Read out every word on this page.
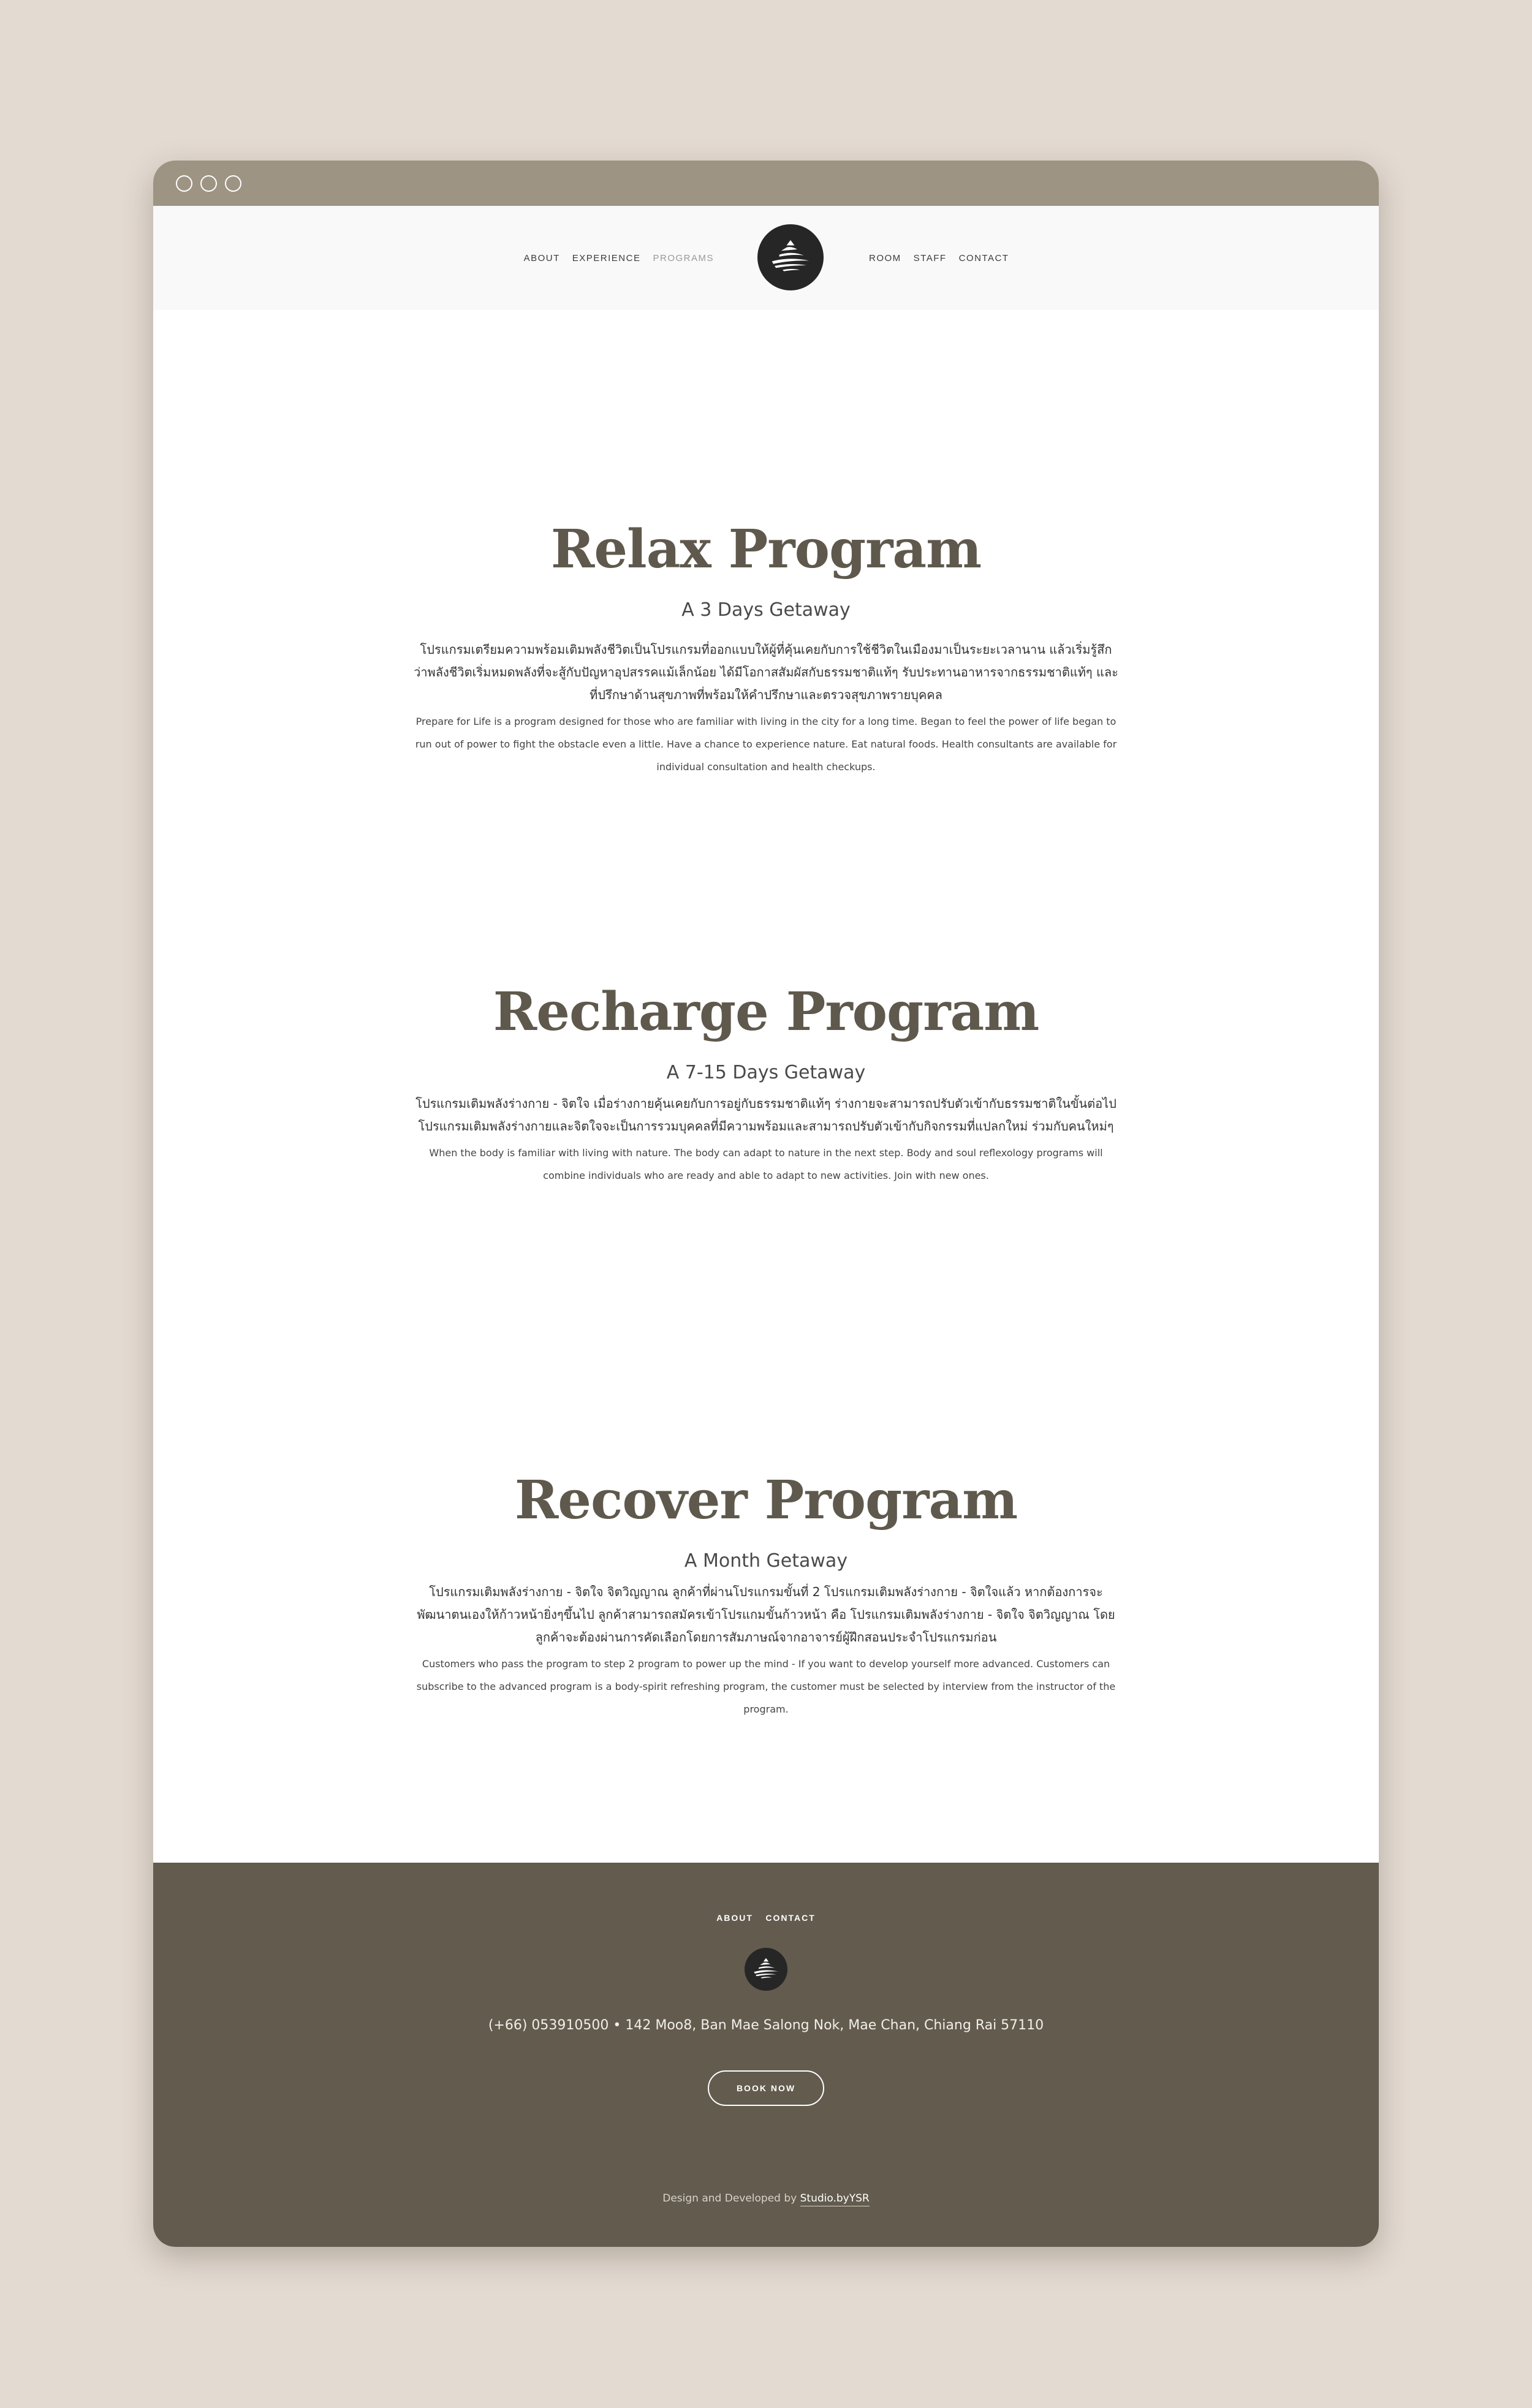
ABOUT EXPERIENCE PROGRAMS	ROOM STAFF CONTACT
Relax Program
A 3 Days Getaway

โปรแกรมเตรียมความพร้อมเติมพลังชีวิตเป็นโปรแกรมที่ออกแบบให้ผู้ที่คุ้นเคยกับการใช้ชีวิตในเมืองมาเป็นระยะเวลานาน แล้วเริ่มรู้สึกว่าพลังชีวิตเริ่มหมดพลังที่จะสู้กับปัญหาอุปสรรคแม้เล็กน้อย ได้มีโอกาสสัมผัสกับธรรมชาติแท้ๆ รับประทานอาหารจากธรรมชาติแท้ๆ และที่ปรึกษาด้านสุขภาพที่พร้อมให้คำปรึกษาและตรวจสุขภาพรายบุคคล

Prepare for Life is a program designed for those who are familiar with living in the city for a long time. Began to feel the power of life began to run out of power to fight the obstacle even a little. Have a chance to experience nature. Eat natural foods. Health consultants are available for individual consultation and health checkups.

Recharge Program
A 7-15 Days Getaway

โปรแกรมเติมพลังร่างกาย - จิตใจ เมื่อร่างกายคุ้นเคยกับการอยู่กับธรรมชาติแท้ๆ ร่างกายจะสามารถปรับตัวเข้ากับธรรมชาติในขั้นต่อไป โปรแกรมเติมพลังร่างกายและจิตใจจะเป็นการรวมบุคคลที่มีความพร้อมและสามารถปรับตัวเข้ากับกิจกรรมที่แปลกใหม่ ร่วมกับคนใหม่ๆ

When the body is familiar with living with nature. The body can adapt to nature in the next step. Body and soul reflexology programs will combine individuals who are ready and able to adapt to new activities. Join with new ones.

Recover Program
A Month Getaway

โปรแกรมเติมพลังร่างกาย - จิตใจ จิตวิญญาณ ลูกค้าที่ผ่านโปรแกรมขั้นที่ 2 โปรแกรมเติมพลังร่างกาย - จิตใจแล้ว หากต้องการจะพัฒนาตนเองให้ก้าวหน้ายิ่งๆขึ้นไป ลูกค้าสามารถสมัครเข้าโปรแกมขั้นก้าวหน้า คือ โปรแกรมเติมพลังร่างกาย - จิตใจ จิตวิญญาณ โดยลูกค้าจะต้องผ่านการคัดเลือกโดยการสัมภาษณ์จากอาจารย์ผู้ฝึกสอนประจำโปรแกรมก่อน

Customers who pass the program to step 2 program to power up the mind - If you want to develop yourself more advanced. Customers can subscribe to the advanced program is a body-spirit refreshing program, the customer must be selected by interview from the instructor of the program.

ABOUT CONTACT
(+66) 053910500 • 142 Moo8, Ban Mae Salong Nok, Mae Chan, Chiang Rai 57110
BOOK NOW
Design and Developed by Studio.byYSR
